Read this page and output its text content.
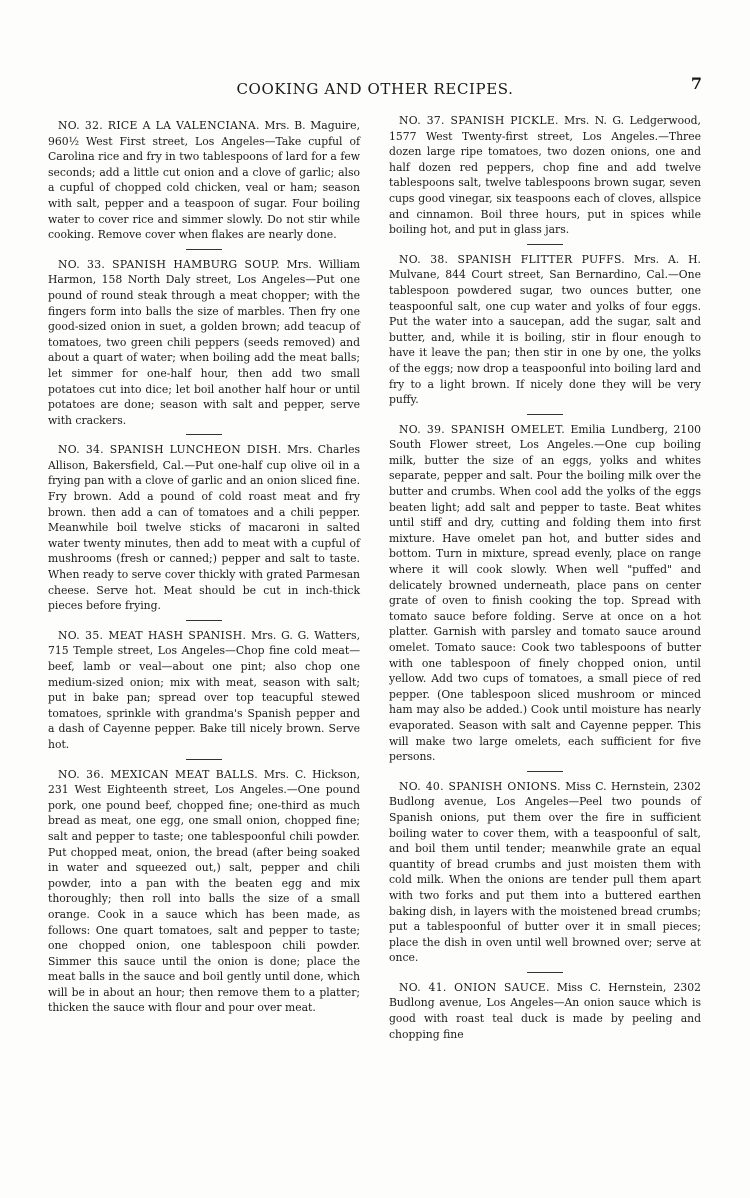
COOKING AND OTHER RECIPES.	7

NO. 32. RICE A LA VALENCIANA. Mrs. B. Maguire, 960½ West First street, Los Angeles—Take cupful of Carolina rice and fry in two tablespoons of lard for a few seconds; add a little cut onion and a clove of garlic; also a cupful of chopped cold chicken, veal or ham; season with salt, pepper and a teaspoon of sugar. Four boiling water to cover rice and simmer slowly. Do not stir while cooking. Remove cover when flakes are nearly done.

NO. 33. SPANISH HAMBURG SOUP. Mrs. William Harmon, 158 North Daly street, Los Angeles—Put one pound of round steak through a meat chopper; with the fingers form into balls the size of marbles. Then fry one good-sized onion in suet, a golden brown; add teacup of tomatoes, two green chili peppers (seeds removed) and about a quart of water; when boiling add the meat balls; let simmer for one-half hour, then add two small potatoes cut into dice; let boil another half hour or until potatoes are done; season with salt and pepper, serve with crackers.

NO. 34. SPANISH LUNCHEON DISH. Mrs. Charles Allison, Bakersfield, Cal.—Put one-half cup olive oil in a frying pan with a clove of garlic and an onion sliced fine. Fry brown. Add a pound of cold roast meat and fry brown. then add a can of tomatoes and a chili pepper. Meanwhile boil twelve sticks of macaroni in salted water twenty minutes, then add to meat with a cupful of mushrooms (fresh or canned;) pepper and salt to taste. When ready to serve cover thickly with grated Parmesan cheese. Serve hot. Meat should be cut in inch-thick pieces before frying.

NO. 35. MEAT HASH SPANISH. Mrs. G. G. Watters, 715 Temple street, Los Angeles—Chop fine cold meat—beef, lamb or veal—about one pint; also chop one medium-sized onion; mix with meat, season with salt; put in bake pan; spread over top teacupful stewed tomatoes, sprinkle with grandma's Spanish pepper and a dash of Cayenne pepper. Bake till nicely brown. Serve hot.

NO. 36. MEXICAN MEAT BALLS. Mrs. C. Hickson, 231 West Eighteenth street, Los Angeles.—One pound pork, one pound beef, chopped fine; one-third as much bread as meat, one egg, one small onion, chopped fine; salt and pepper to taste; one tablespoonful chili powder. Put chopped meat, onion, the bread (after being soaked in water and squeezed out,) salt, pepper and chili powder, into a pan with the beaten egg and mix thoroughly; then roll into balls the size of a small orange. Cook in a sauce which has been made, as follows: One quart tomatoes, salt and pepper to taste; one chopped onion, one tablespoon chili powder. Simmer this sauce until the onion is done; place the meat balls in the sauce and boil gently until done, which will be in about an hour; then remove them to a platter; thicken the sauce with flour and pour over meat.

NO. 37. SPANISH PICKLE. Mrs. N. G. Ledgerwood, 1577 West Twenty-first street, Los Angeles.—Three dozen large ripe tomatoes, two dozen onions, one and half dozen red peppers, chop fine and add twelve tablespoons salt, twelve tablespoons brown sugar, seven cups good vinegar, six teaspoons each of cloves, allspice and cinnamon. Boil three hours, put in spices while boiling hot, and put in glass jars.

NO. 38. SPANISH FLITTER PUFFS. Mrs. A. H. Mulvane, 844 Court street, San Bernardino, Cal.—One tablespoon powdered sugar, two ounces butter, one teaspoonful salt, one cup water and yolks of four eggs. Put the water into a saucepan, add the sugar, salt and butter, and, while it is boiling, stir in flour enough to have it leave the pan; then stir in one by one, the yolks of the eggs; now drop a teaspoonful into boiling lard and fry to a light brown. If nicely done they will be very puffy.

NO. 39. SPANISH OMELET. Emilia Lundberg, 2100 South Flower street, Los Angeles.—One cup boiling milk, butter the size of an eggs, yolks and whites separate, pepper and salt. Pour the boiling milk over the butter and crumbs. When cool add the yolks of the eggs beaten light; add salt and pepper to taste. Beat whites until stiff and dry, cutting and folding them into first mixture. Have omelet pan hot, and butter sides and bottom. Turn in mixture, spread evenly, place on range where it will cook slowly. When well "puffed" and delicately browned underneath, place pans on center grate of oven to finish cooking the top. Spread with tomato sauce before folding. Serve at once on a hot platter. Garnish with parsley and tomato sauce around omelet. Tomato sauce: Cook two tablespoons of butter with one tablespoon of finely chopped onion, until yellow. Add two cups of tomatoes, a small piece of red pepper. (One tablespoon sliced mushroom or minced ham may also be added.) Cook until moisture has nearly evaporated. Season with salt and Cayenne pepper. This will make two large omelets, each sufficient for five persons.

NO. 40. SPANISH ONIONS. Miss C. Hernstein, 2302 Budlong avenue, Los Angeles—Peel two pounds of Spanish onions, put them over the fire in sufficient boiling water to cover them, with a teaspoonful of salt, and boil them until tender; meanwhile grate an equal quantity of bread crumbs and just moisten them with cold milk. When the onions are tender pull them apart with two forks and put them into a buttered earthen baking dish, in layers with the moistened bread crumbs; put a tablespoonful of butter over it in small pieces; place the dish in oven until well browned over; serve at once.

NO. 41. ONION SAUCE. Miss C. Hernstein, 2302 Budlong avenue, Los Angeles—An onion sauce which is good with roast teal duck is made by peeling and chopping fine
